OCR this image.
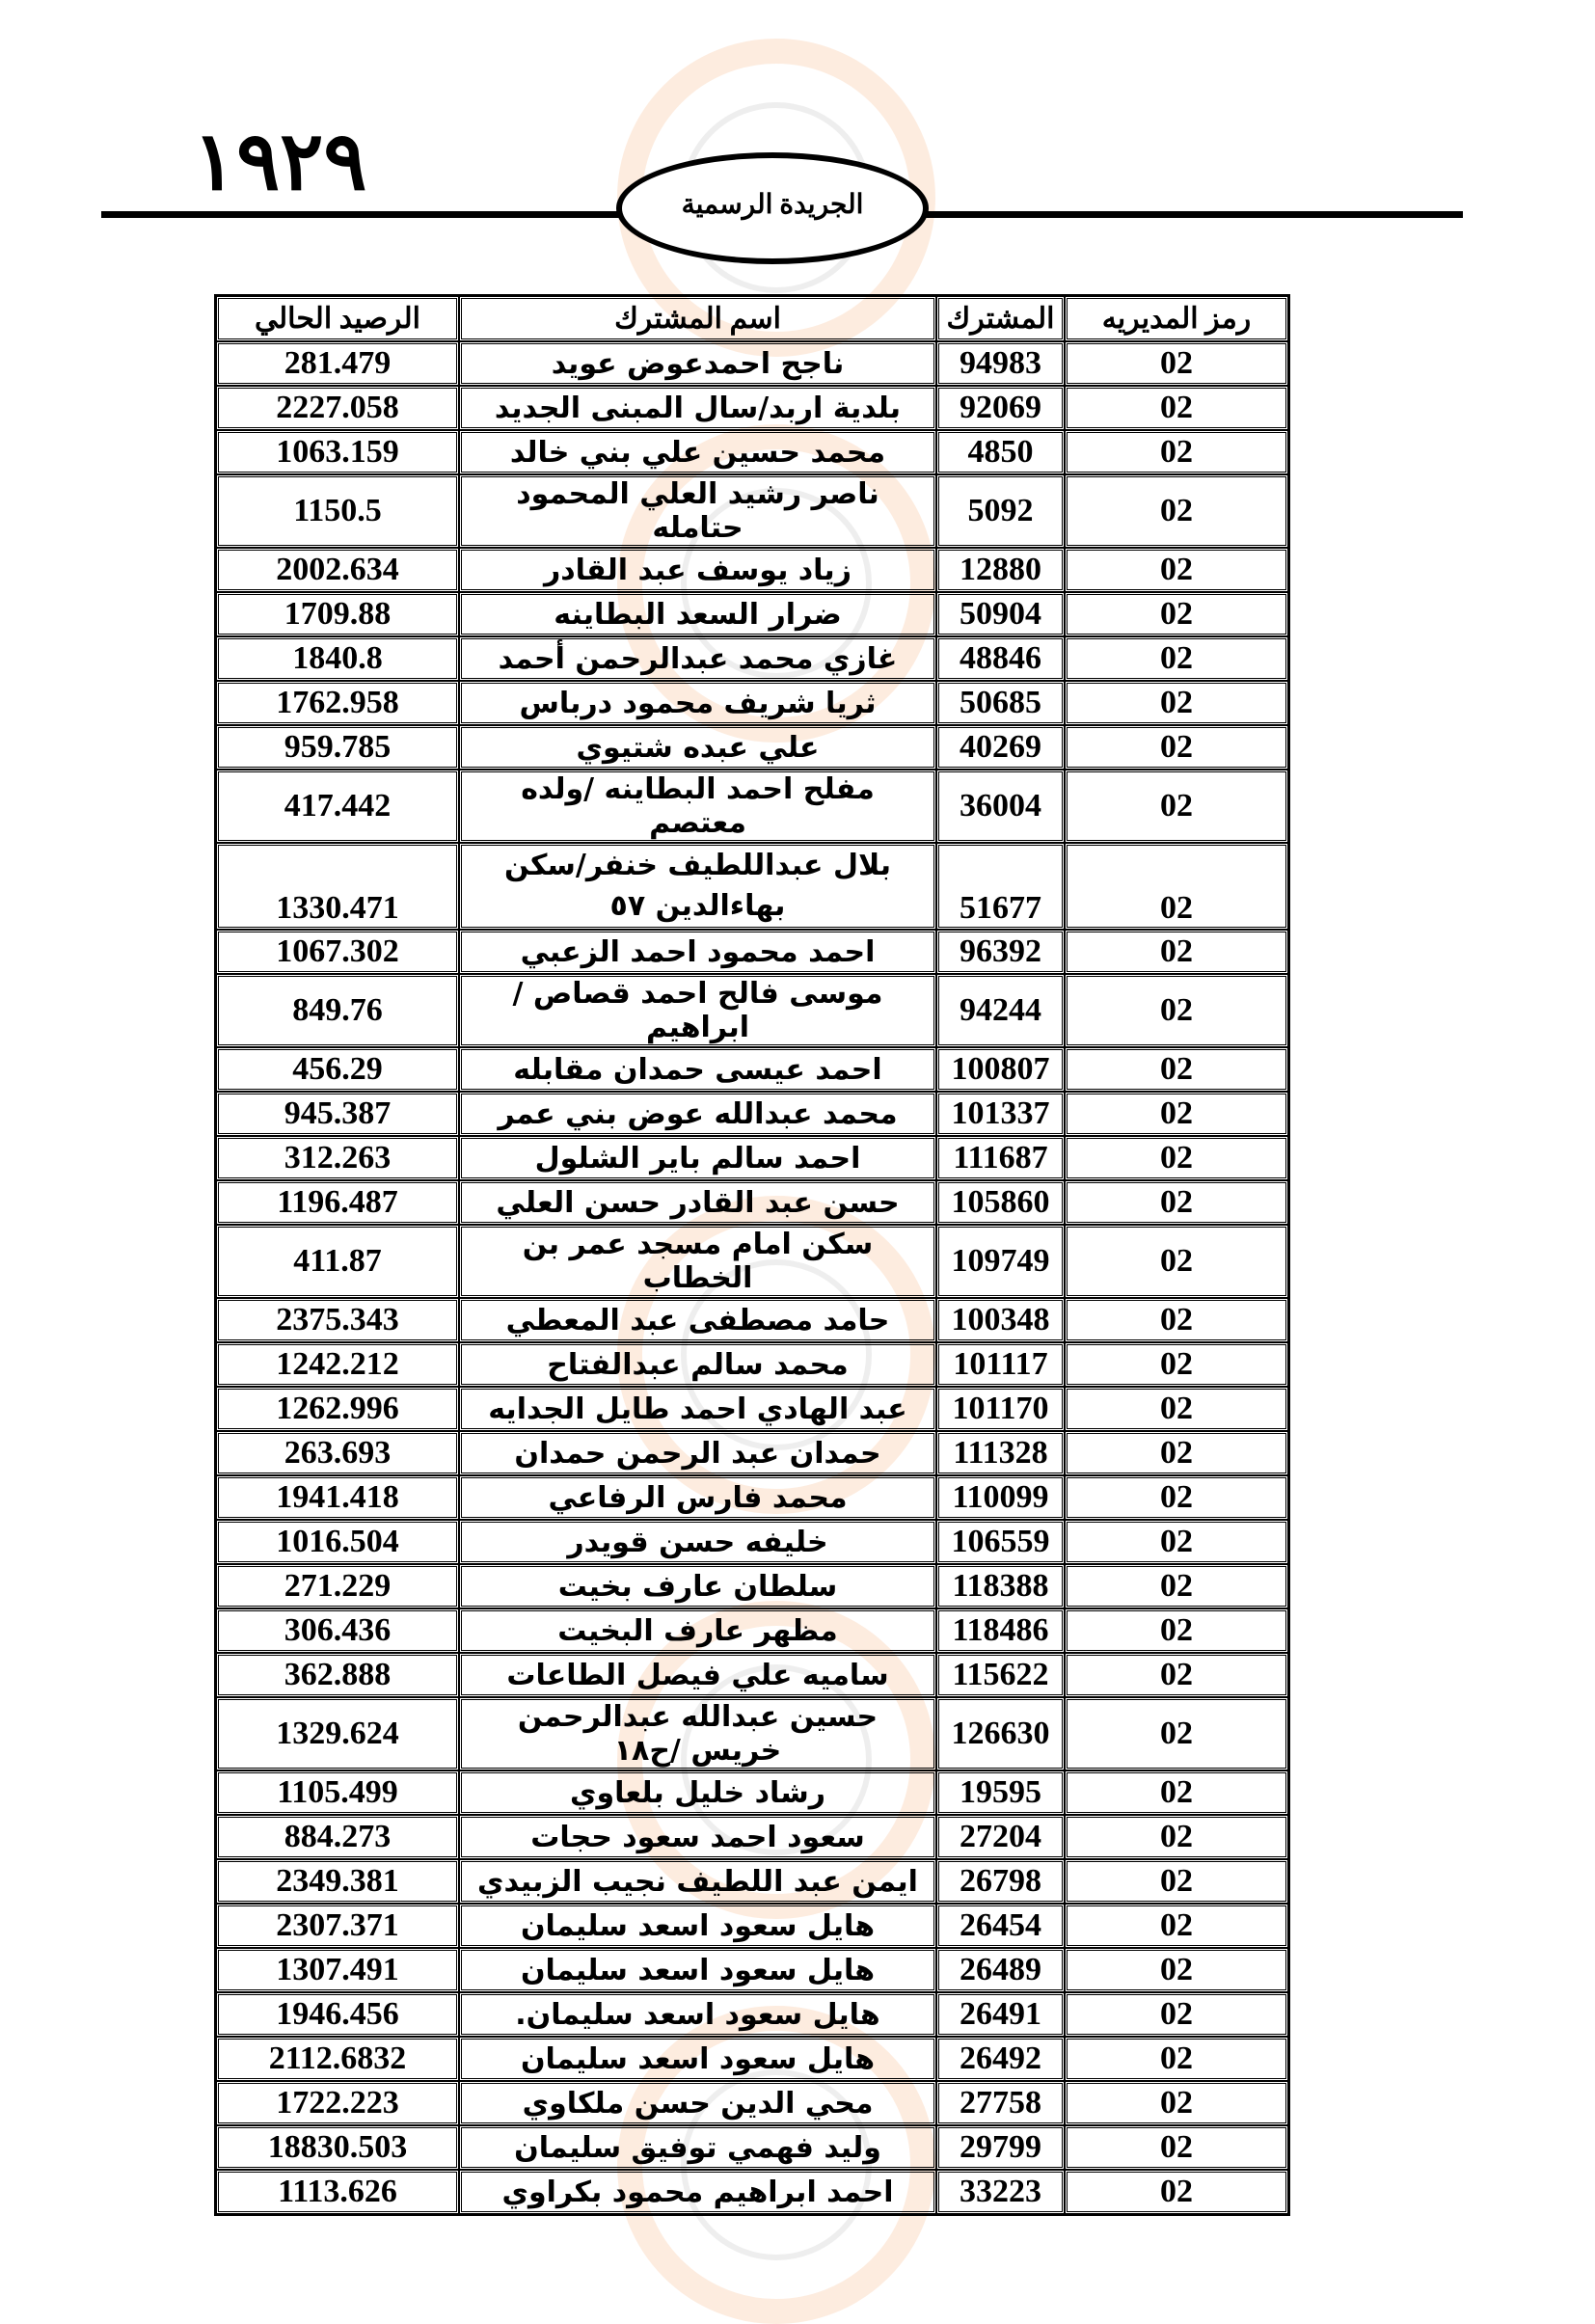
١٩٢٩	الجريدة الرسمية
رمز المديريه	المشترك	اسم المشترك	الرصيد الحالي
02	94983	ناجح احمدعوض عويد	281.479
02	92069	بلدية اربد/سال المبنى الجديد	2227.058
02	4850	محمد حسين علي بني خالد	1063.159
02	5092	ناصر رشيد العلي المحمود حتامله	1150.5
02	12880	زياد يوسف عبد القادر	2002.634
02	50904	ضرار السعد البطاينه	1709.88
02	48846	غازي محمد عبدالرحمن أحمد	1840.8
02	50685	ثريا شريف محمود درباس	1762.958
02	40269	علي عبده شتيوي	959.785
02	36004	مفلح احمد البطاينه /ولده معتصم	417.442
02	51677	بلال عبداللطيف خنفر/سكن بهاءالدين ٥٧	1330.471
02	96392	احمد محمود احمد الزعبي	1067.302
02	94244	موسى فالح احمد قصاص /ابراهيم	849.76
02	100807	احمد عيسى حمدان مقابله	456.29
02	101337	محمد عبدالله عوض بني عمر	945.387
02	111687	احمد سالم باير الشلول	312.263
02	105860	حسن عبد القادر حسن العلي	1196.487
02	109749	سكن امام مسجد عمر بن الخطاب	411.87
02	100348	حامد مصطفى عبد المعطي	2375.343
02	101117	محمد سالم عبدالفتاح	1242.212
02	101170	عبد الهادي احمد طايل الجدايه	1262.996
02	111328	حمدان عبد الرحمن حمدان	263.693
02	110099	محمد فارس الرفاعي	1941.418
02	106559	خليفه حسن قويدر	1016.504
02	118388	سلطان عارف بخيت	271.229
02	118486	مظهر عارف البخيت	306.436
02	115622	ساميه علي فيصل الطاعات	362.888
02	126630	حسين عبدالله عبدالرحمن خريس /ح١٨	1329.624
02	19595	رشاد خليل بلعاوي	1105.499
02	27204	سعود احمد سعود حجات	884.273
02	26798	ايمن عبد اللطيف نجيب الزبيدي	2349.381
02	26454	هايل سعود اسعد سليمان	2307.371
02	26489	هايل سعود اسعد سليمان	1307.491
02	26491	هايل سعود اسعد سليمان.	1946.456
02	26492	هايل سعود اسعد سليمان	2112.6832
02	27758	محي الدين حسن ملكاوي	1722.223
02	29799	وليد فهمي توفيق سليمان	18830.503
02	33223	احمد ابراهيم محمود بكراوي	1113.626
